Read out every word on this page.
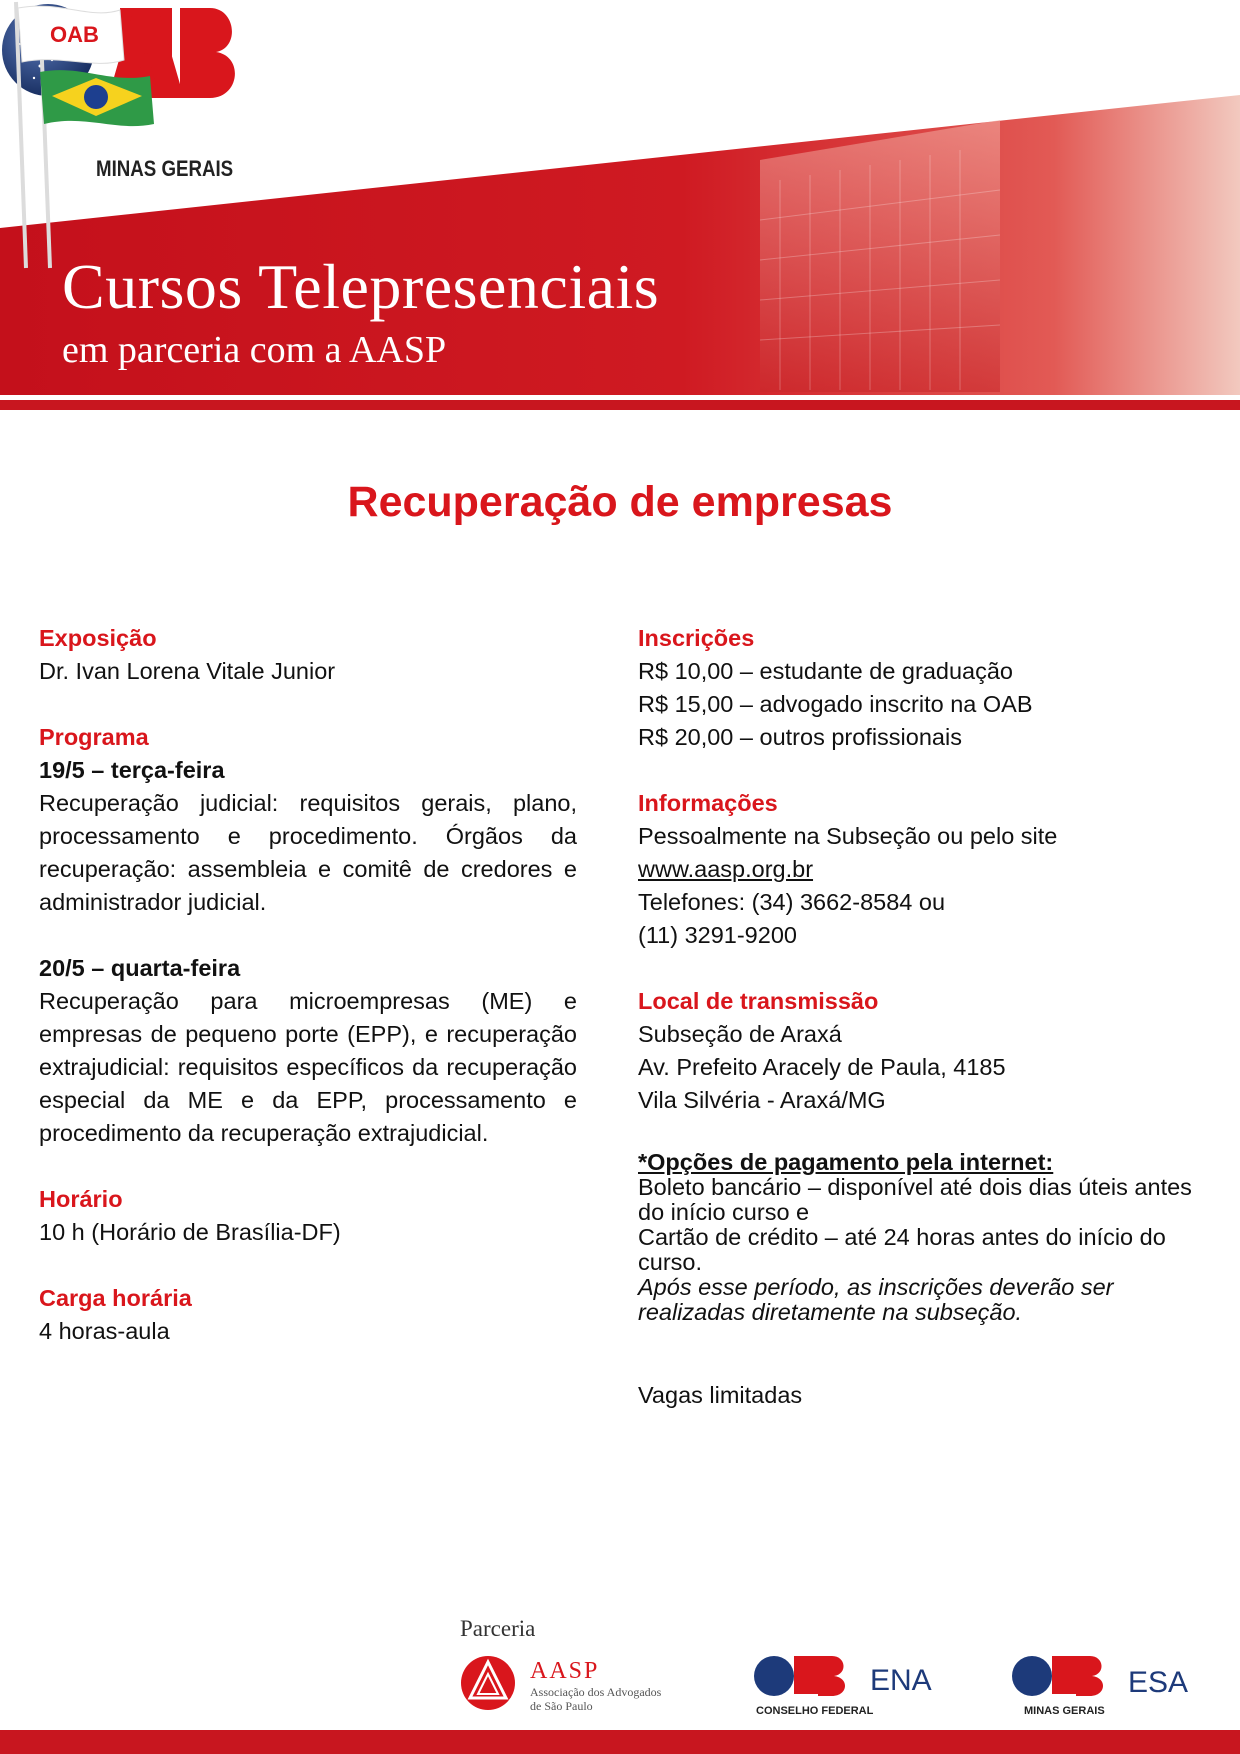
MINAS GERAIS
OAB
Cursos Telepresenciais
em parceria com a AASP
Recuperação de empresas
Exposição
Dr. Ivan Lorena Vitale Junior
Programa
19/5 – terça-feira
Recuperação judicial: requisitos gerais, plano, processamento e procedimento. Órgãos da recuperação: assembleia e comitê de credores e administrador judicial.
20/5 – quarta-feira
Recuperação para microempresas (ME) e empresas de pequeno porte (EPP), e recuperação extrajudicial: requisitos específicos da recuperação especial da ME e da EPP, processamento e procedimento da recuperação extrajudicial.
Horário
10 h (Horário de Brasília-DF)
Carga horária
4 horas-aula
Inscrições
R$ 10,00 – estudante de graduação
R$ 15,00 – advogado inscrito na OAB
R$ 20,00 – outros profissionais
Informações
Pessoalmente na Subseção ou pelo site
www.aasp.org.br
Telefones: (34) 3662-8584 ou
(11) 3291-9200
Local de transmissão
Subseção de Araxá
Av. Prefeito Aracely de Paula, 4185
Vila Silvéria - Araxá/MG
*Opções de pagamento pela internet:
Boleto bancário – disponível até dois dias úteis antes do início curso e
Cartão de crédito – até 24 horas antes do início do curso.
Após esse período, as inscrições deverão ser realizadas diretamente na subseção.
Vagas limitadas
Parceria
AASP
Associação dos Advogados
de São Paulo
ENA
CONSELHO FEDERAL
ESA
MINAS GERAIS
